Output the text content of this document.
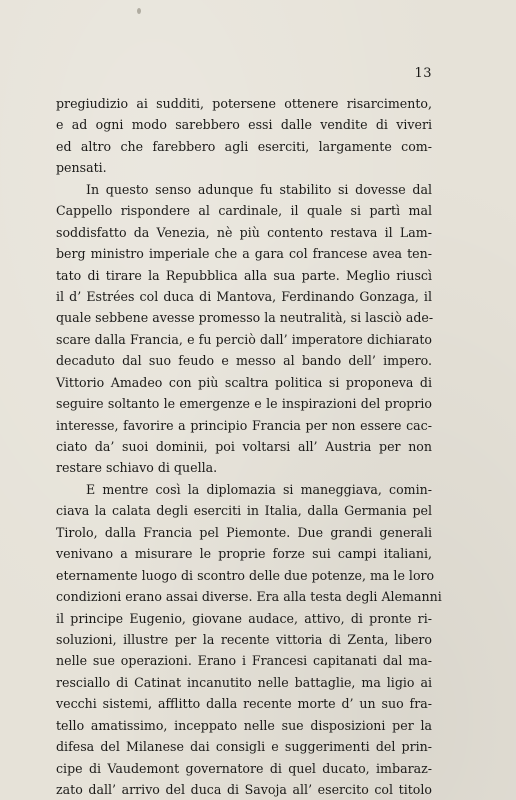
13
pregiudizio ai sudditi, potersene ottenere risarcimento,
e ad ogni modo sarebbero essi dalle vendite di viveri
ed altro che farebbero agli eserciti, largamente com-
pensati.
In questo senso adunque fu stabilito si dovesse dal
Cappello rispondere al cardinale, il quale si partì mal
soddisfatto da Venezia, nè più contento restava il Lam-
berg ministro imperiale che a gara col francese avea ten-
tato di tirare la Repubblica alla sua parte. Meglio riuscì
il d’ Estrées col duca di Mantova, Ferdinando Gonzaga, il
quale sebbene avesse promesso la neutralità, si lasciò ade-
scare dalla Francia, e fu perciò dall’ imperatore dichiarato
decaduto dal suo feudo e messo al bando dell’ impero.
Vittorio Amadeo con più scaltra politica si proponeva di
seguire soltanto le emergenze e le inspirazioni del proprio
interesse, favorire a principio Francia per non essere cac-
ciato da’ suoi dominii, poi voltarsi all’ Austria per non
restare schiavo di quella.
E mentre così la diplomazia si maneggiava, comin-
ciava la calata degli eserciti in Italia, dalla Germania pel
Tirolo, dalla Francia pel Piemonte. Due grandi generali
venivano a misurare le proprie forze sui campi italiani,
eternamente luogo di scontro delle due potenze, ma le loro
condizioni erano assai diverse. Era alla testa degli Alemanni
il principe Eugenio, giovane audace, attivo, di pronte ri-
soluzioni, illustre per la recente vittoria di Zenta, libero
nelle sue operazioni. Erano i Francesi capitanati dal ma-
resciallo di Catinat incanutito nelle battaglie, ma ligio ai
vecchi sistemi, afflitto dalla recente morte d’ un suo fra-
tello amatissimo, inceppato nelle sue disposizioni per la
difesa del Milanese dai consigli e suggerimenti del prin-
cipe di Vaudemont governatore di quel ducato, imbaraz-
zato dall’ arrivo del duca di Savoja all’ esercito col titolo
